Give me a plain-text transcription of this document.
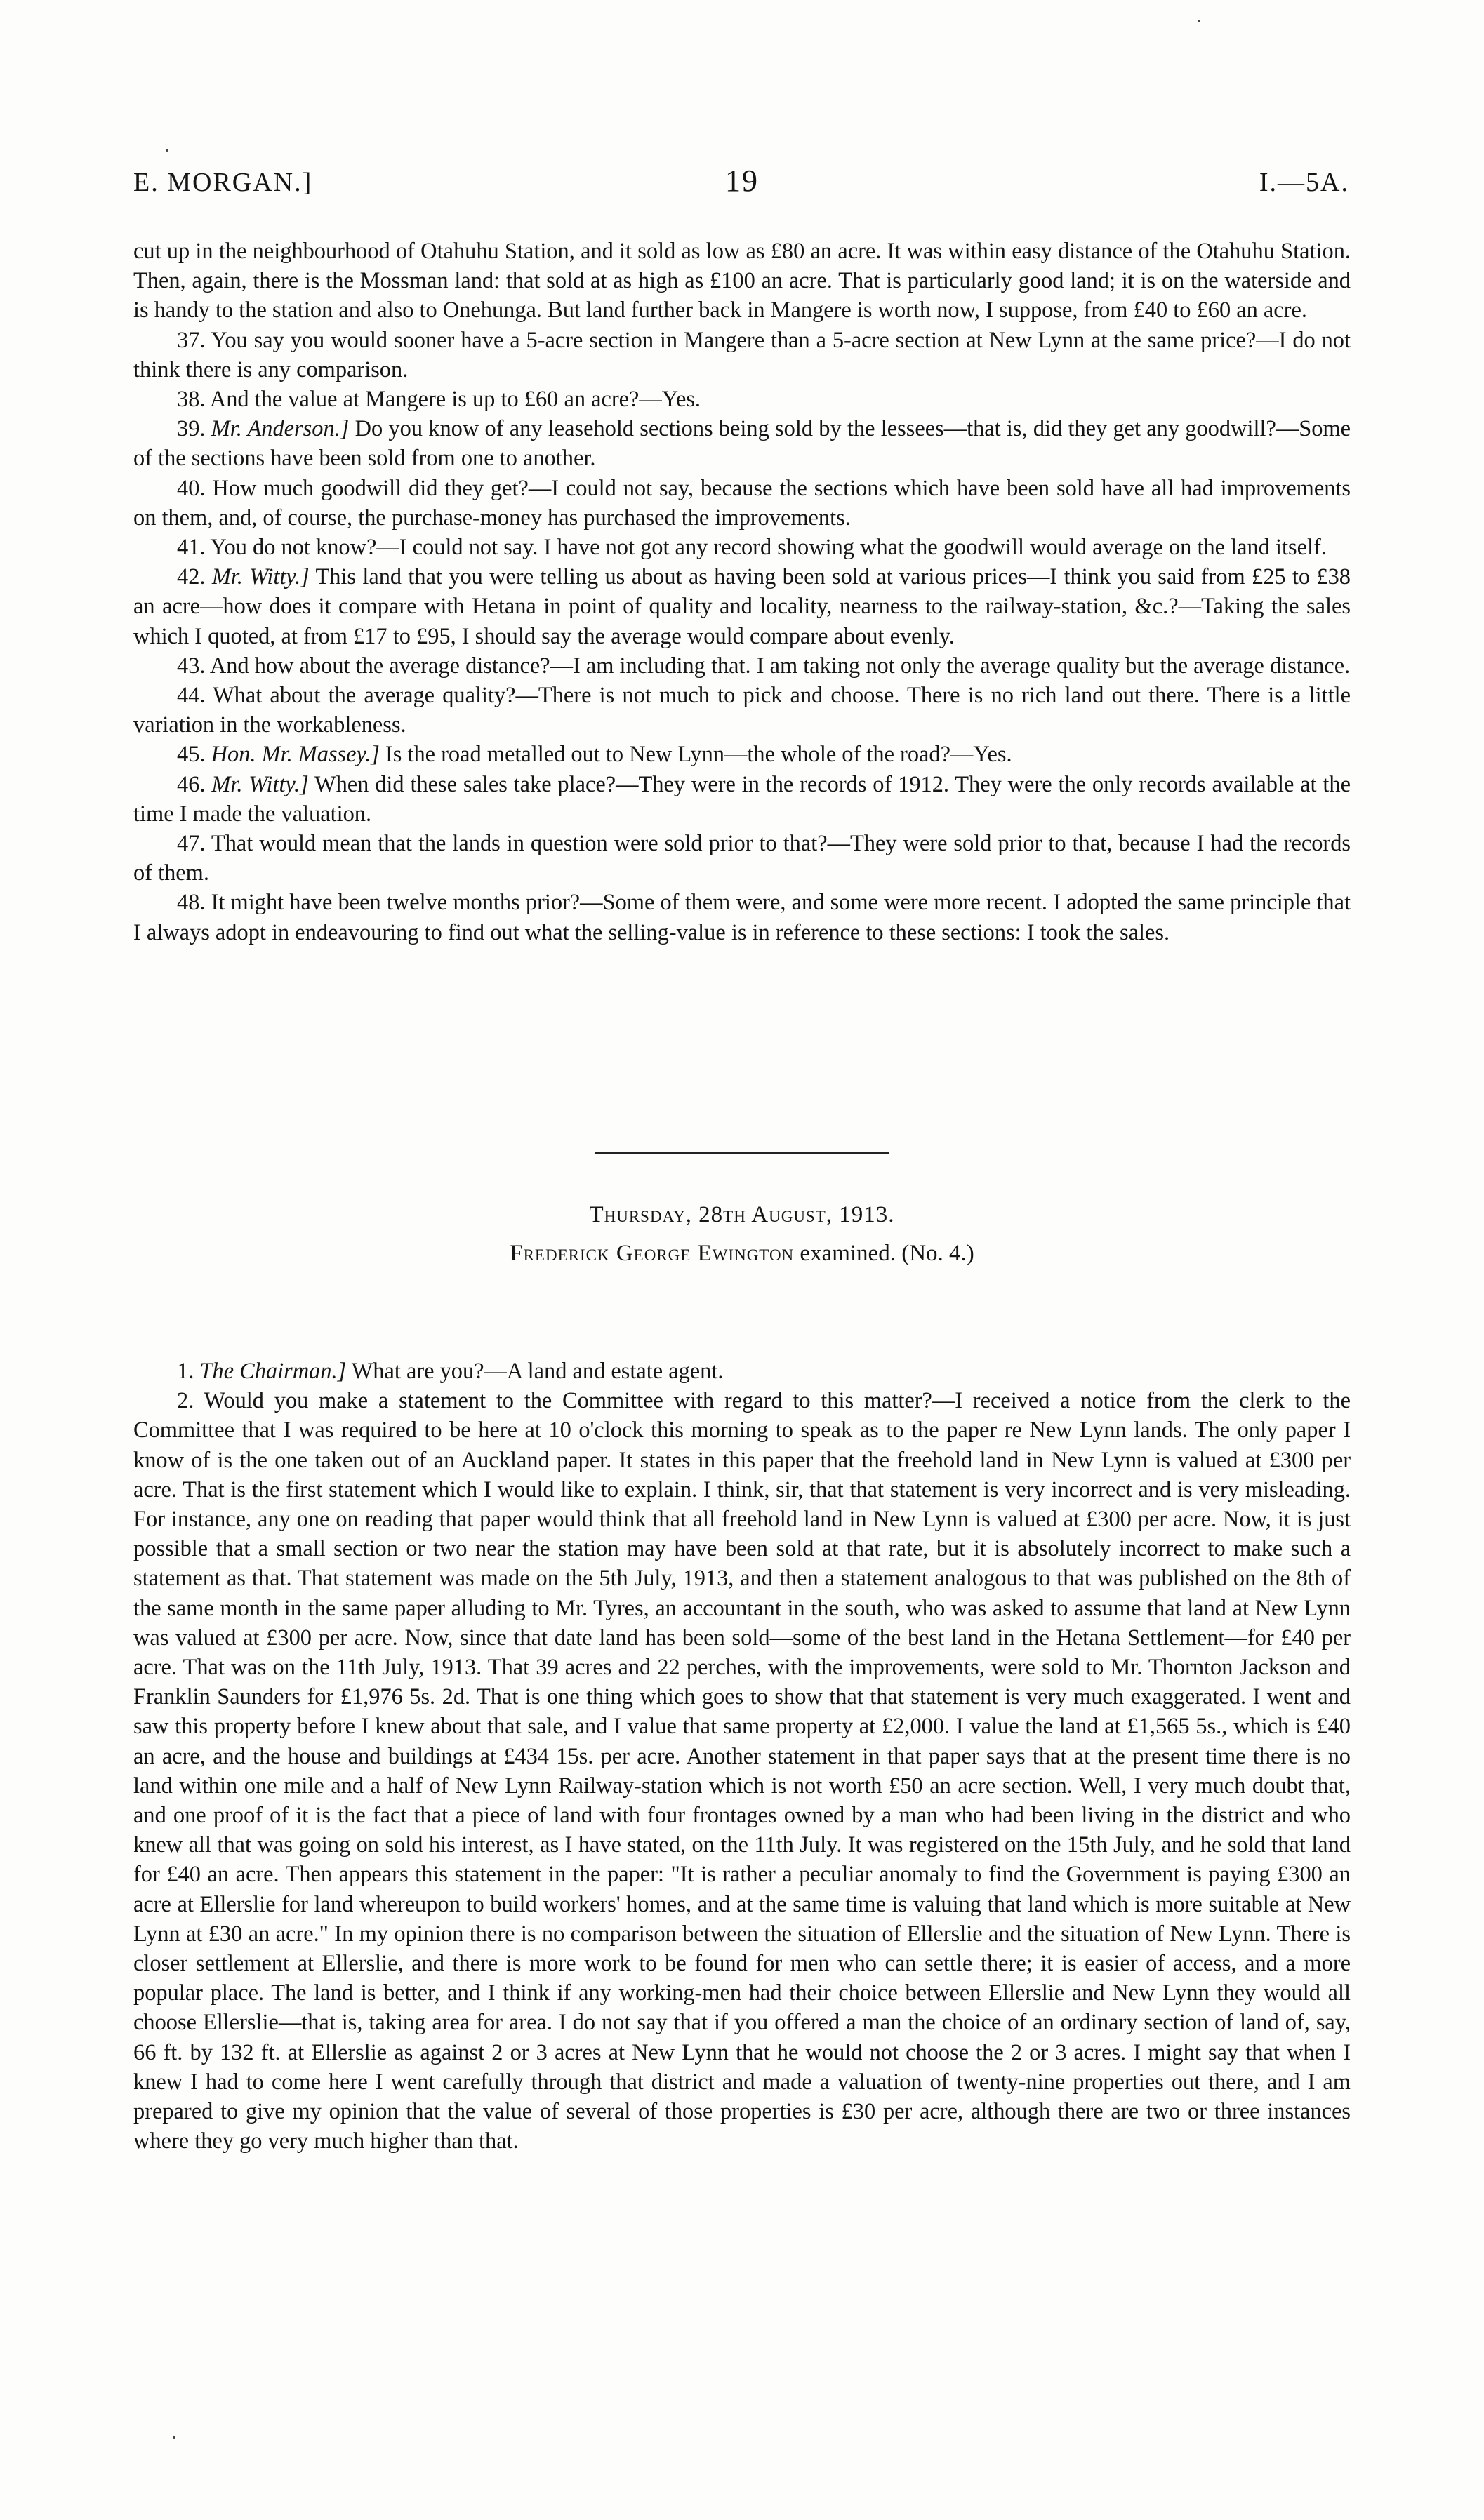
E. MORGAN.]	19	I.—5A.

cut up in the neighbourhood of Otahuhu Station, and it sold as low as £80 an acre. It was within easy distance of the Otahuhu Station. Then, again, there is the Mossman land: that sold at as high as £100 an acre. That is particularly good land; it is on the waterside and is handy to the station and also to Onehunga. But land further back in Mangere is worth now, I suppose, from £40 to £60 an acre.

37. You say you would sooner have a 5-acre section in Mangere than a 5-acre section at New Lynn at the same price?—I do not think there is any comparison.

38. And the value at Mangere is up to £60 an acre?—Yes.

39. Mr. Anderson.] Do you know of any leasehold sections being sold by the lessees—that is, did they get any goodwill?—Some of the sections have been sold from one to another.

40. How much goodwill did they get?—I could not say, because the sections which have been sold have all had improvements on them, and, of course, the purchase-money has purchased the improvements.

41. You do not know?—I could not say. I have not got any record showing what the goodwill would average on the land itself.

42. Mr. Witty.] This land that you were telling us about as having been sold at various prices—I think you said from £25 to £38 an acre—how does it compare with Hetana in point of quality and locality, nearness to the railway-station, &c.?—Taking the sales which I quoted, at from £17 to £95, I should say the average would compare about evenly.

43. And how about the average distance?—I am including that. I am taking not only the average quality but the average distance.

44. What about the average quality?—There is not much to pick and choose. There is no rich land out there. There is a little variation in the workableness.

45. Hon. Mr. Massey.] Is the road metalled out to New Lynn—the whole of the road?—Yes.

46. Mr. Witty.] When did these sales take place?—They were in the records of 1912. They were the only records available at the time I made the valuation.

47. That would mean that the lands in question were sold prior to that?—They were sold prior to that, because I had the records of them.

48. It might have been twelve months prior?—Some of them were, and some were more recent. I adopted the same principle that I always adopt in endeavouring to find out what the selling-value is in reference to these sections: I took the sales.

Thursday, 28th August, 1913.
Frederick George Ewington examined. (No. 4.)

1. The Chairman.] What are you?—A land and estate agent.

2. Would you make a statement to the Committee with regard to this matter?—I received a notice from the clerk to the Committee that I was required to be here at 10 o'clock this morning to speak as to the paper re New Lynn lands. The only paper I know of is the one taken out of an Auckland paper. It states in this paper that the freehold land in New Lynn is valued at £300 per acre. That is the first statement which I would like to explain. I think, sir, that that statement is very incorrect and is very misleading. For instance, any one on reading that paper would think that all freehold land in New Lynn is valued at £300 per acre. Now, it is just possible that a small section or two near the station may have been sold at that rate, but it is absolutely incorrect to make such a statement as that. That statement was made on the 5th July, 1913, and then a statement analogous to that was published on the 8th of the same month in the same paper alluding to Mr. Tyres, an accountant in the south, who was asked to assume that land at New Lynn was valued at £300 per acre. Now, since that date land has been sold—some of the best land in the Hetana Settlement—for £40 per acre. That was on the 11th July, 1913. That 39 acres and 22 perches, with the improvements, were sold to Mr. Thornton Jackson and Franklin Saunders for £1,976 5s. 2d. That is one thing which goes to show that that statement is very much exaggerated. I went and saw this property before I knew about that sale, and I value that same property at £2,000. I value the land at £1,565 5s., which is £40 an acre, and the house and buildings at £434 15s. per acre. Another statement in that paper says that at the present time there is no land within one mile and a half of New Lynn Railway-station which is not worth £50 an acre section. Well, I very much doubt that, and one proof of it is the fact that a piece of land with four frontages owned by a man who had been living in the district and who knew all that was going on sold his interest, as I have stated, on the 11th July. It was registered on the 15th July, and he sold that land for £40 an acre. Then appears this statement in the paper: "It is rather a peculiar anomaly to find the Government is paying £300 an acre at Ellerslie for land whereupon to build workers' homes, and at the same time is valuing that land which is more suitable at New Lynn at £30 an acre." In my opinion there is no comparison between the situation of Ellerslie and the situation of New Lynn. There is closer settlement at Ellerslie, and there is more work to be found for men who can settle there; it is easier of access, and a more popular place. The land is better, and I think if any working-men had their choice between Ellerslie and New Lynn they would all choose Ellerslie—that is, taking area for area. I do not say that if you offered a man the choice of an ordinary section of land of, say, 66 ft. by 132 ft. at Ellerslie as against 2 or 3 acres at New Lynn that he would not choose the 2 or 3 acres. I might say that when I knew I had to come here I went carefully through that district and made a valuation of twenty-nine properties out there, and I am prepared to give my opinion that the value of several of those properties is £30 per acre, although there are two or three instances where they go very much higher than that.
